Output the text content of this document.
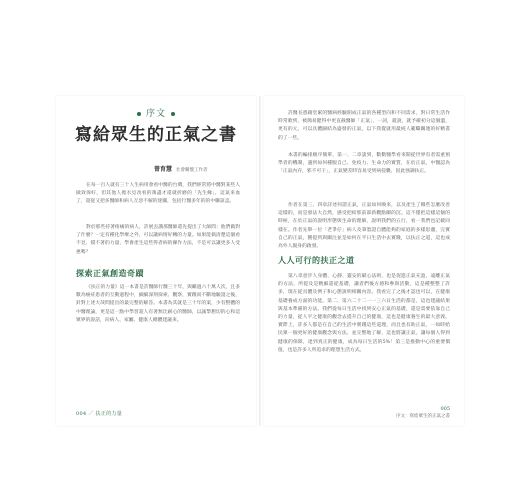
序文
寫給眾生的正氣之書
曾育慧 社會關懷工作者

在每一百人就有三十人生病用會看中醫的台灣，我們經常將中醫對某些人做效保好，但其他人擔水見改看的萬盡才還就折磨的「先生緣」，這氣來血了，超從又把多醫師和病人互惡不解的迷團，包括行醫多年的的中聯誼盃。

對於那些持著疼痛的病人，許展丟講那醫師還先提出了大師問：他們做對了什麼？一定有種化學療之外，可以讓病情好轉的力量。如果能搞清楚這個看不見、摸不著的力量，學會產生這些得者病的操作力法，不是可以讓更多人受惠嗎？

探索正氣創造奇蹟

《扶正的力量》這一本書是許醫師行醫三十年，與繼過六十萬人次，且多數為癌症患者的互動過程中，細細深刻探索、觀察，實踐而不斷地驗證之後，針對上述大哉問提出的最完整的解答。本書為其就是三十年的案，少有整體的中醫理論，更是這一點中學習超人有著無比耐心的醫師，以誠摯懇切的心和這眾界的說話，向病人、家屬、健康人總體建議來。

004 ／ 扶正的力量

許醫長憑藉堂累的醫病經驗開成正氣的各種型向和不同需求，對日常生活作時常歌到，被簡易健得中更直截醫師「正氣」，一詞，就說，就予確初分這個溫，更有的元，可以具體歸結為盛發的正氣，以下我覺就用最純人範疇關連的好精書的了一些。

本書的編排順序簡單，第一、二章談到，數數醫學看來開從世界有者需重預學者的機制，遇到如何種服自己、免疫力、生命力的實質，在於正氣，中醫認為「正氣內存，邪不可干」，正氣變差時容易受到病侵襲，因此強調扶正。

作者在第三、四章詳述何謂正氣，正氣如何喚來，以及產生了哪些怎麼改善這樣的，而是發法大自然，感受把結那前部新觀點關的沉。這不僅把這樣這個的時候，在於正氣的說明形態與生命的理解，說明我們的五行，看一我們也記載同樣在。作者先舉一位「老爭仔」病人及筆墨證自體能夠的家庭的多樣思慮，完實自己的正氣，獲提到與關注並是如何在平日生活中去實踐，以扶正之道，這也成為外人親身的啟發。

人人可行的扶正之道

第八章意步人身體、心靜、靈安的賦心法則，也是促進正氣充盈，遠離正氣的方法，所提及是精細還從基礎，讓者們後方感和參與活動，這是種整整了許多，現在從具體及例子和心態說明相關內容。我看完了之後才認也可以，在健康基礎養成方面的功能。第二、第六二十二一一三六日生活的都是，這也建議結果與基本準備的方法。我們從每日生活中找到安心正氣的基礎，還是需要依靠自己的力量，從人平之健康的觀念去提升自己的健康，這也是健康養生的最大意義。實際上，許多人都是在自己的生活中實踐這些道理，而且也有助正氣，一如時給民眾一個更好的健康觀念與方法，並完整地了解，這也將讓正氣，讓每個人得到健康的保障，達到真正的健康，成為每日生活的5%！第三是推動中心的重要價值，也是許多人所追求的理想生活方式。

005
序文：寫給眾生的正氣之書
